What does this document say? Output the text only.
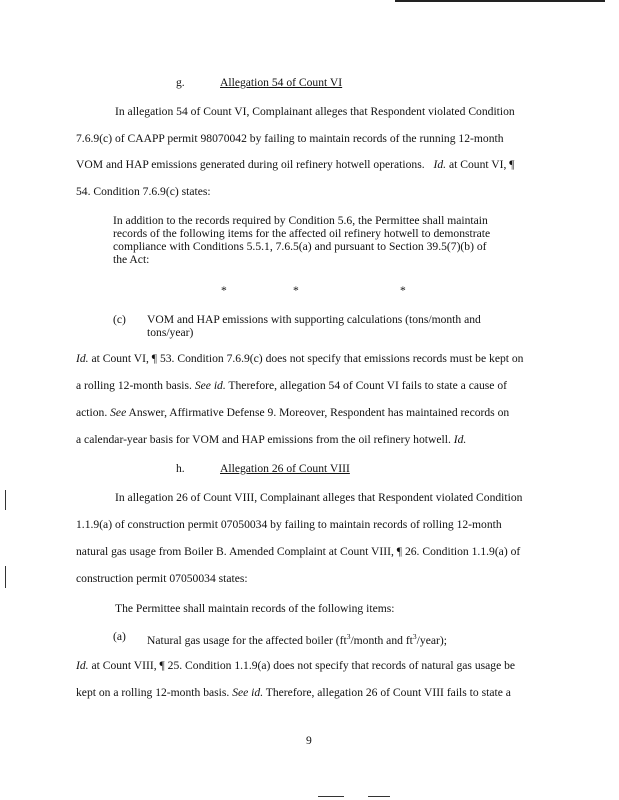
g.	Allegation 54 of Count VI
In allegation 54 of Count VI, Complainant alleges that Respondent violated Condition
7.6.9(c) of CAAPP permit 98070042 by failing to maintain records of the running 12-month
VOM and HAP emissions generated during oil refinery hotwell operations. Id. at Count VI, ¶
54. Condition 7.6.9(c) states:
In addition to the records required by Condition 5.6, the Permittee shall maintain
records of the following items for the affected oil refinery hotwell to demonstrate
compliance with Conditions 5.5.1, 7.6.5(a) and pursuant to Section 39.5(7)(b) of
the Act:
*	*	*
(c) VOM and HAP emissions with supporting calculations (tons/month and
tons/year)
Id. at Count VI, ¶ 53. Condition 7.6.9(c) does not specify that emissions records must be kept on
a rolling 12-month basis. See id. Therefore, allegation 54 of Count VI fails to state a cause of
action. See Answer, Affirmative Defense 9. Moreover, Respondent has maintained records on
a calendar-year basis for VOM and HAP emissions from the oil refinery hotwell. Id.
h.	Allegation 26 of Count VIII
In allegation 26 of Count VIII, Complainant alleges that Respondent violated Condition
1.1.9(a) of construction permit 07050034 by failing to maintain records of rolling 12-month
natural gas usage from Boiler B. Amended Complaint at Count VIII, ¶ 26. Condition 1.1.9(a) of
construction permit 07050034 states:
The Permittee shall maintain records of the following items:
(a) Natural gas usage for the affected boiler ($ft^3$/month and $ft^3/year$);
Id. at Count VIII, ¶ 25. Condition 1.1.9(a) does not specify that records of natural gas usage be
kept on a rolling 12-month basis. See id. Therefore, allegation 26 of Count VIII fails to state a
9
